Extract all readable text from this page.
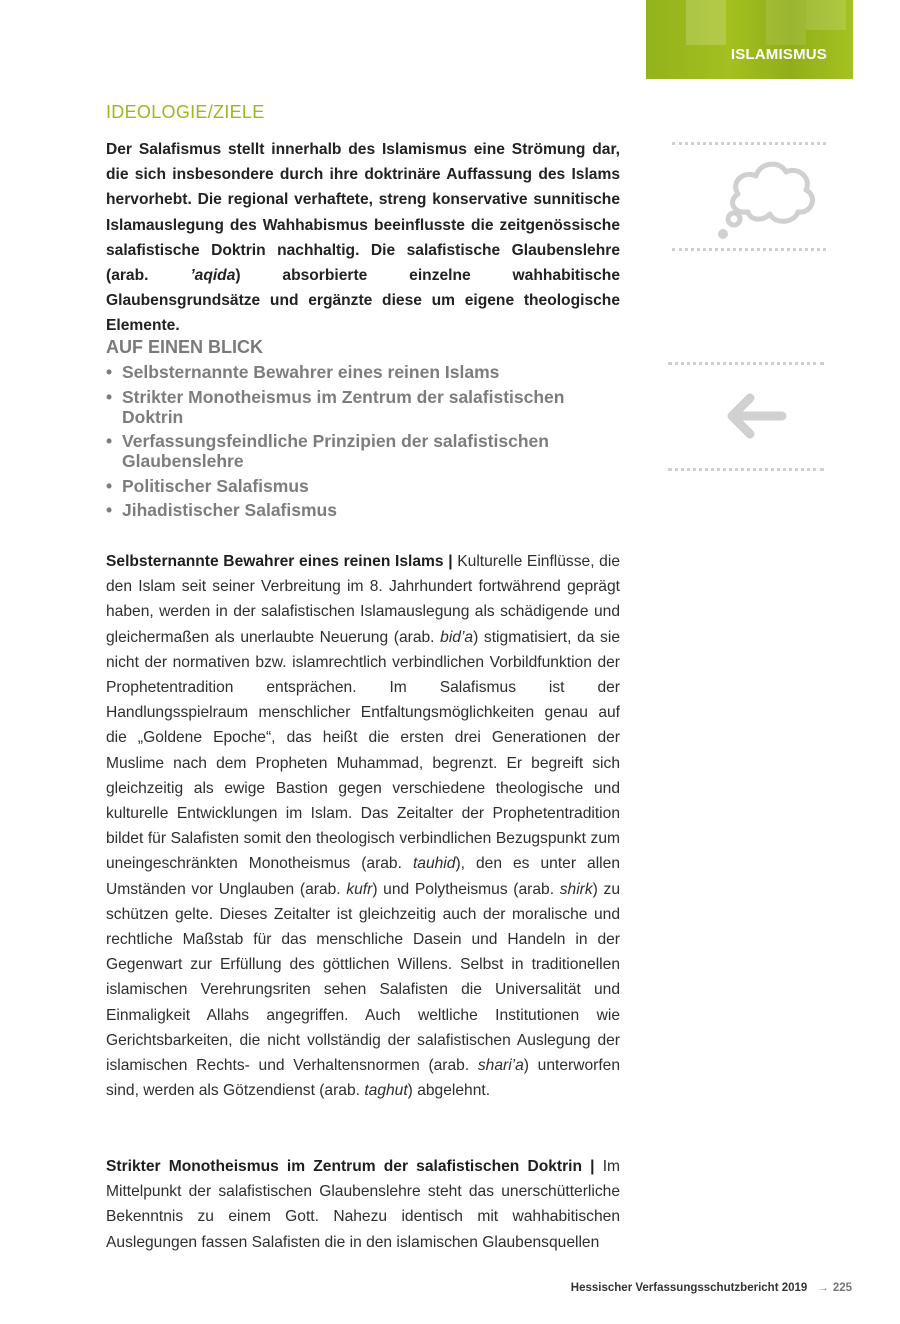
ISLAMISMUS
IDEOLOGIE/ZIELE

Der Salafismus stellt innerhalb des Islamismus eine Strömung dar, die sich insbesondere durch ihre doktrinäre Auffassung des Islams hervorhebt. Die regional verhaftete, streng konservative sunnitische Islamauslegung des Wahhabismus beeinflusste die zeitgenössische salafistische Doktrin nachhaltig. Die salafistische Glaubenslehre (arab. ’aqida) absorbierte einzelne wahhabitische Glaubensgrundsätze und ergänzte diese um eigene theologische Elemente.

AUF EINEN BLICK
• Selbsternannte Bewahrer eines reinen Islams
• Strikter Monotheismus im Zentrum der salafistischen Doktrin
• Verfassungsfeindliche Prinzipien der salafistischen Glaubenslehre
• Politischer Salafismus
• Jihadistischer Salafismus

Selbsternannte Bewahrer eines reinen Islams | Kulturelle Einflüsse, die den Islam seit seiner Verbreitung im 8. Jahrhundert fortwährend geprägt haben, werden in der salafistischen Islamauslegung als schädigende und gleichermaßen als unerlaubte Neuerung (arab. bid’a) stigmatisiert, da sie nicht der normativen bzw. islamrechtlich verbindlichen Vorbildfunktion der Prophetentradition entsprächen. Im Salafismus ist der Handlungsspielraum menschlicher Entfaltungsmöglichkeiten genau auf die „Goldene Epoche“, das heißt die ersten drei Generationen der Muslime nach dem Propheten Muhammad, begrenzt. Er begreift sich gleichzeitig als ewige Bastion gegen verschiedene theologische und kulturelle Entwicklungen im Islam. Das Zeitalter der Prophetentradition bildet für Salafisten somit den theologisch verbindlichen Bezugspunkt zum uneingeschränkten Monotheismus (arab. tauhid), den es unter allen Umständen vor Unglauben (arab. kufr) und Polytheismus (arab. shirk) zu schützen gelte. Dieses Zeitalter ist gleichzeitig auch der moralische und rechtliche Maßstab für das menschliche Dasein und Handeln in der Gegenwart zur Erfüllung des göttlichen Willens. Selbst in traditionellen islamischen Verehrungsriten sehen Salafisten die Universalität und Einmaligkeit Allahs angegriffen. Auch weltliche Institutionen wie Gerichtsbarkeiten, die nicht vollständig der salafistischen Auslegung der islamischen Rechts- und Verhaltensnormen (arab. shari’a) unterworfen sind, werden als Götzendienst (arab. taghut) abgelehnt.

Strikter Monotheismus im Zentrum der salafistischen Doktrin | Im Mittelpunkt der salafistischen Glaubenslehre steht das unerschütterliche Bekenntnis zu einem Gott. Nahezu identisch mit wahhabitischen Auslegungen fassen Salafisten die in den islamischen Glaubensquellen

Hessischer Verfassungsschutzbericht 2019 → 225
